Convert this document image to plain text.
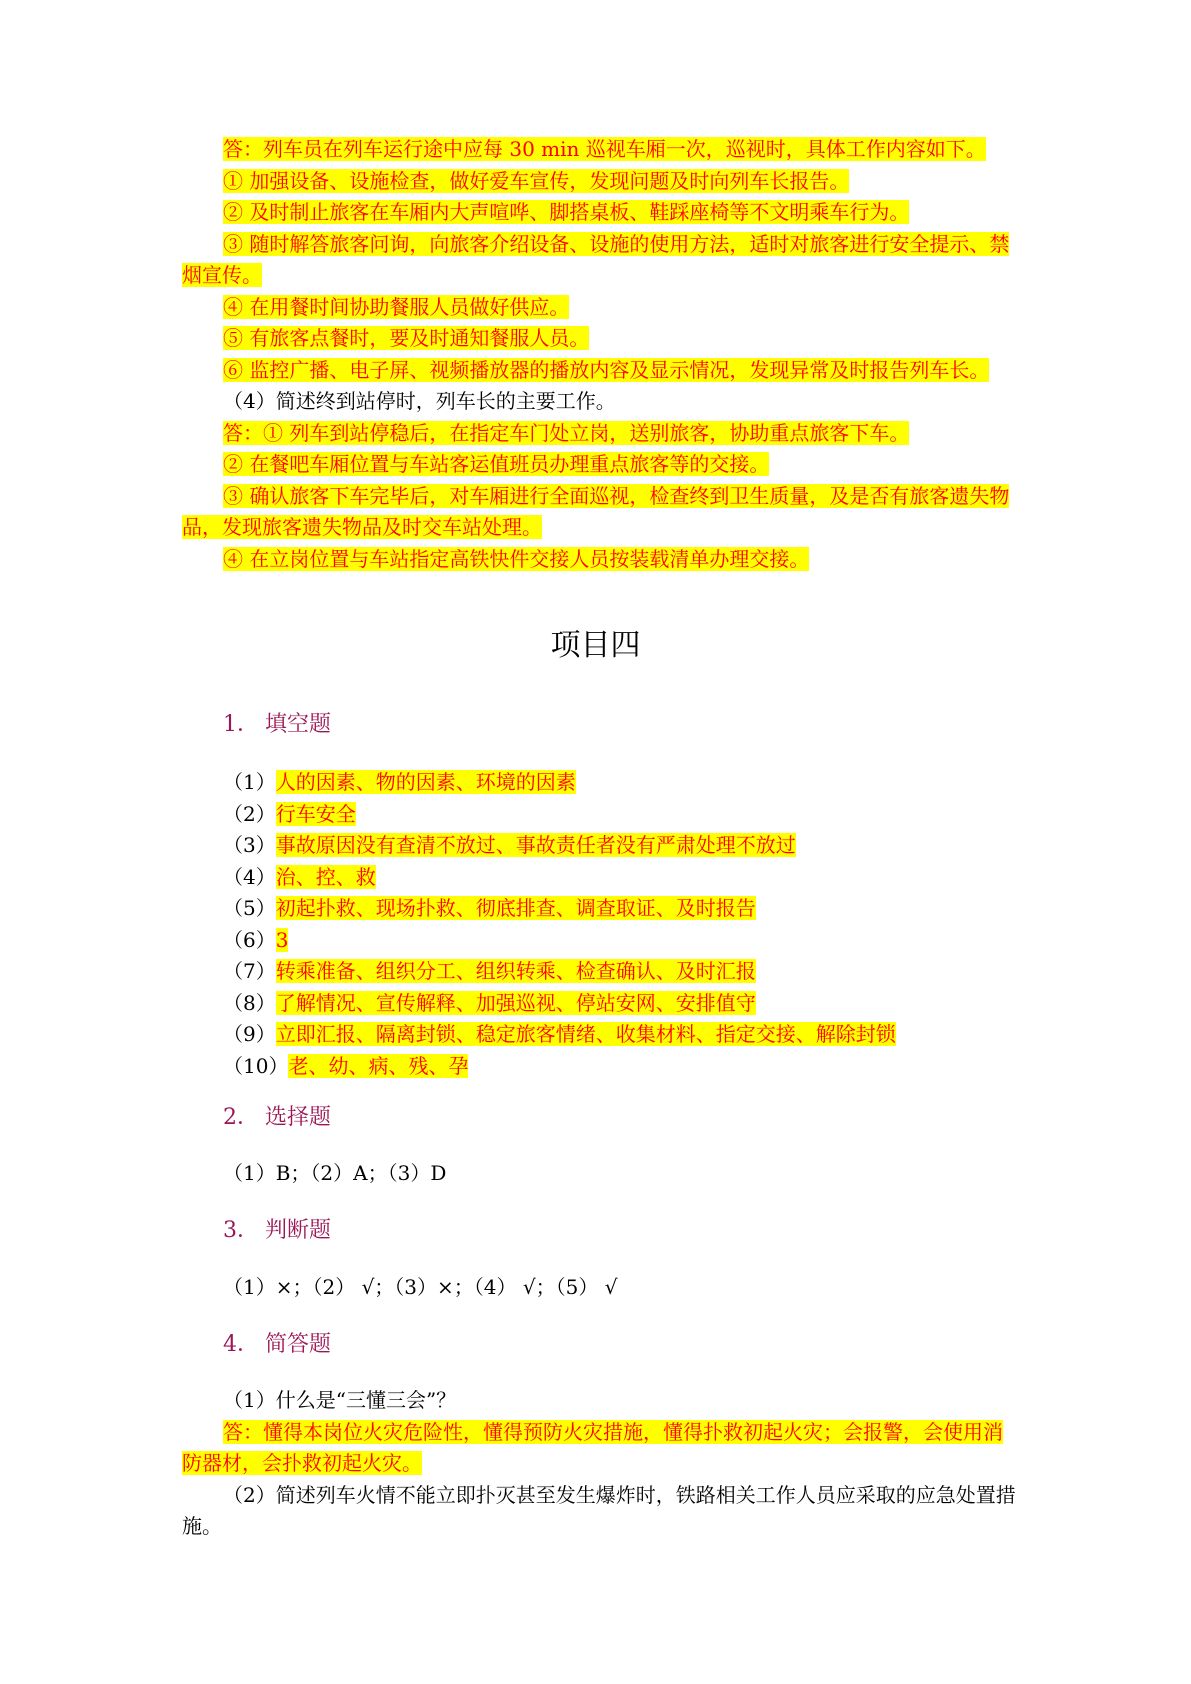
答：列车员在列车运行途中应每 30 min 巡视车厢一次，巡视时，具体工作内容如下。
① 加强设备、设施检查，做好爱车宣传，发现问题及时向列车长报告。
② 及时制止旅客在车厢内大声喧哗、脚搭桌板、鞋踩座椅等不文明乘车行为。
③ 随时解答旅客问询，向旅客介绍设备、设施的使用方法，适时对旅客进行安全提示、禁烟宣传。
④ 在用餐时间协助餐服人员做好供应。
⑤ 有旅客点餐时，要及时通知餐服人员。
⑥ 监控广播、电子屏、视频播放器的播放内容及显示情况，发现异常及时报告列车长。
（4）简述终到站停时，列车长的主要工作。
答：① 列车到站停稳后，在指定车门处立岗，送别旅客，协助重点旅客下车。
② 在餐吧车厢位置与车站客运值班员办理重点旅客等的交接。
③ 确认旅客下车完毕后，对车厢进行全面巡视，检查终到卫生质量，及是否有旅客遗失物品，发现旅客遗失物品及时交车站处理。
④ 在立岗位置与车站指定高铁快件交接人员按装载清单办理交接。
项目四
1． 填空题
（1）人的因素、物的因素、环境的因素
（2）行车安全
（3）事故原因没有查清不放过、事故责任者没有严肃处理不放过
（4）治、控、救
（5）初起扑救、现场扑救、彻底排查、调查取证、及时报告
（6）3
（7）转乘准备、组织分工、组织转乘、检查确认、及时汇报
（8）了解情况、宣传解释、加强巡视、停站安网、安排值守
（9）立即汇报、隔离封锁、稳定旅客情绪、收集材料、指定交接、解除封锁
（10）老、幼、病、残、孕
2． 选择题
（1）B；（2）A；（3）D
3． 判断题
（1）×；（2） √；（3）×；（4） √；（5） √
4． 简答题
（1）什么是“三懂三会”？
答：懂得本岗位火灾危险性，懂得预防火灾措施，懂得扑救初起火灾；会报警，会使用消防器材，会扑救初起火灾。
（2）简述列车火情不能立即扑灭甚至发生爆炸时，铁路相关工作人员应采取的应急处置措施。
